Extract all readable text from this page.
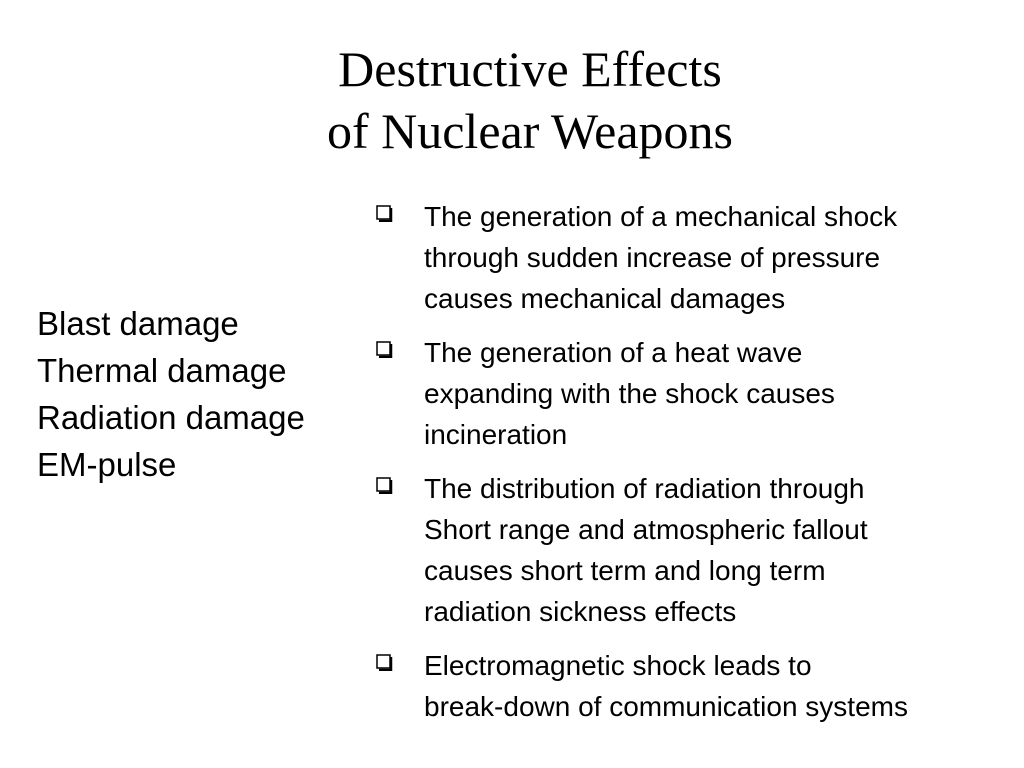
Destructive Effects
of Nuclear Weapons
Blast damage
Thermal damage
Radiation damage
EM-pulse
The generation of a mechanical shock
through sudden increase of pressure
causes mechanical damages
The generation of a heat wave
expanding with the shock causes
incineration
The distribution of radiation through
Short range and atmospheric fallout
causes short term and long term
radiation sickness effects
Electromagnetic shock leads to
break-down of communication systems
